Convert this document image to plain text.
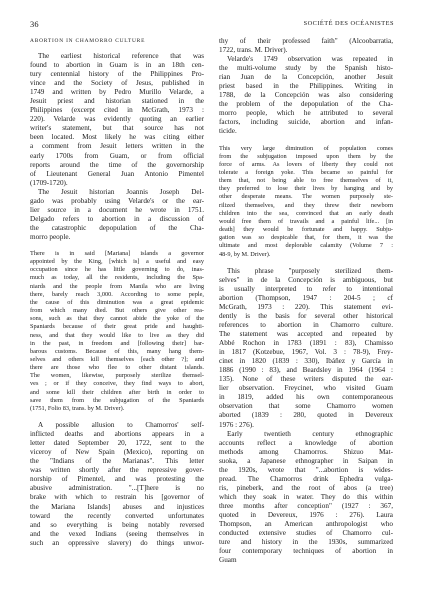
36	SOCIÉTÉ DES OCÉANISTES
ABORTION IN CHAMORRO CULTURE
The earliest historical reference that was
found to abortion in Guam is in an 18th cen-
tury centennial history of the Philippines Pro-
vince and the Society of Jesus, published in
1749 and written by Pedro Murillo Velarde, a
Jesuit priest and historian stationed in the
Philippines (excerpt cited in McGrath, 1973 :
220). Velarde was evidently quoting an earlier
writer's statement, but that source has not
been located. Most likely he was citing either
a comment from Jesuit letters written in the
early 1700s from Guam, or from official
reports around the time of the governorship
of Lieutenant General Juan Antonio Pimentel
(1709-1720).
The Jesuit historian Joannis Joseph Del-
gado was probably using Velarde's or the ear-
lier source in a document he wrote in 1751.
Delgado refers to abortion in a discussion of
the catastrophic depopulation of the Cha-
morro people.
There is in said [Mariana] islands a governor
appointed by the King, [which is] a useful and easy
occupation since he has little governing to do, inas-
much as today, all the residents, including the Spa-
niards and the people from Manila who are living
there, barely reach 3,000. According to some peple,
the cause of this diminution was a great epidemic
from which many died. But others give other rea-
sons, such as that they cannot abide the yoke of the
Spaniards because of their great pride and haughti-
ness, and that they would like to live as they did
in the past, in freedom and [following their] bar-
barous customs. Because of this, many hang them-
selves and others kill themselves [each other ?]; and
there are those who flee to other distant islands.
The women, likewise, purposely sterilize themsel-
ves ; or if they conceive, they find ways to abort,
and some kill their children after birth in order to
save them from the subjugation of the Spaniards
(1751, Folio 83, trans. by M. Driver).
A possible allusion to Chamorros' self-
inflicted deaths and abortions appears in a
letter dated September 20, 1722, sent to the
viceroy of New Spain (Mexico), reporting on
the "Indians of the Marianas". This letter
was written shortly after the repressive gover-
norship of Pimentel, and was protesting the
abusive administration. "...[T]here is no
brake with which to restrain his [governor of
the Mariana Islands] abuses and injustices
toward the recently converted unfortunates
and so everything is being notably reversed
and the vexed Indians (seeing themselves in
such an oppressive slavery) do things unwor-
thy of their professed faith" (Alcoobarratia,
1722, trans. M. Driver).
Velarde's 1749 observation was repeated in
the multi-volume study by the Spanish histo-
rian Juan de la Concepción, another Jesuit
priest based in the Philippines. Writing in
1788, de la Concepción was also considering
the problem of the depopulation of the Cha-
morro people, which he attributed to several
factors, including suicide, abortion and infan-
ticide.
This very large diminution of population comes
from the subjugation imposed upon them by the
force of arms. As lovers of liberty they could not
tolerate a foreign yoke. This became so painful for
them that, not being able to free themselves of it,
they preferred to lose their lives by hanging and by
other desperate means. The women purposely ste-
rilized themselves, and they threw their newborn
children into the sea, convinced that an early death
would free them of travails and a painful life... [in
death] they would be fortunate and happy. Subju-
gation was so despicable that, for them, it was the
ultimate and most deplorable calamity (Volume 7 :
48-9, by M. Driver).
This phrase "purposely sterilized them-
selves" in de la Concepción is ambiguous, but
is usually interpreted to refer to intentional
abortion (Thompson, 1947 : 204-5 ; cf
McGrath, 1973 : 220). This statement evi-
dently is the basis for several other historical
references to abortion in Chamorro culture.
The statement was accepted and repeated by
Abbé Rochon in 1783 (1891 : 83), Chamisso
in 1817 (Kotzebue, 1967, Vol. 3 : 78-9), Frey-
cinet in 1820 (1839 : 330), Ibáñez y García in
1886 (1990 : 83), and Beardsley in 1964 (1964 :
135). None of these writers disputed the ear-
lier observation. Freycinet, who visited Guam
in 1819, added his own contemporaneous
observation that some Chamorro women
aborted (1839 : 280, quoted in Devereux
1976 : 276).
Early twentieth century ethnographic
accounts reflect a knowledge of abortion
methods among Chamorros. Shizuo Mat-
suoka, a Japanese ethnographer in Saipan in
the 1920s, wrote that "...abortion is wides-
pread. The Chamorros drink Ephedra vulga-
ris, pineberk, and the root of abos (a tree)
which they soak in water. They do this within
three months after conception" (1927 : 367,
quoted in Devereux, 1976 : 276). Laura
Thompson, an American anthropologist who
conducted extensive studies of Chamorro cul-
ture and history in the 1930s, summarized
four contemporary techniques of abortion in
Guam
